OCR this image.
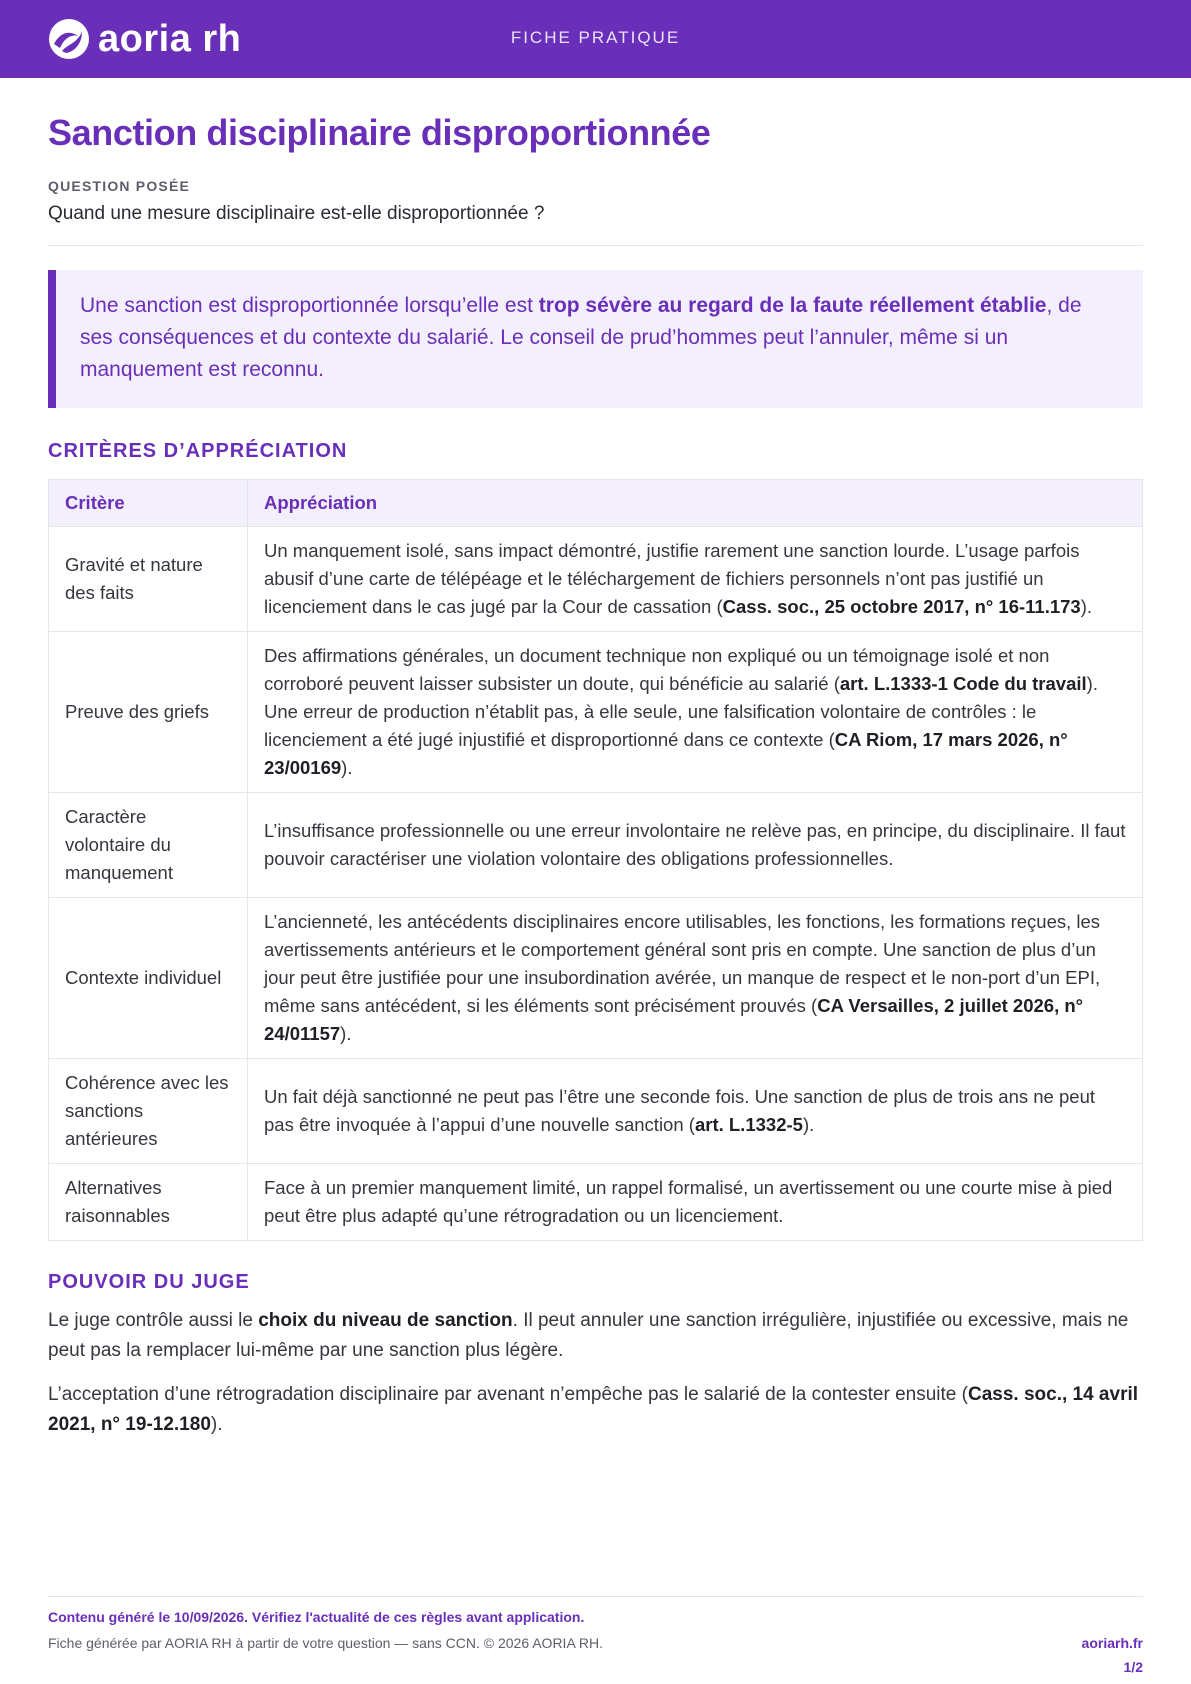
aoria rh	FICHE PRATIQUE
Sanction disciplinaire disproportionnée
QUESTION POSÉE
Quand une mesure disciplinaire est-elle disproportionnée ?
Une sanction est disproportionnée lorsqu’elle est trop sévère au regard de la faute réellement établie, de ses conséquences et du contexte du salarié. Le conseil de prud’hommes peut l’annuler, même si un manquement est reconnu.
CRITÈRES D’APPRÉCIATION
Critère	Appréciation
Gravité et nature des faits	Un manquement isolé, sans impact démontré, justifie rarement une sanction lourde. L’usage parfois abusif d’une carte de télépéage et le téléchargement de fichiers personnels n’ont pas justifié un licenciement dans le cas jugé par la Cour de cassation (Cass. soc., 25 octobre 2017, n° 16-11.173).
Preuve des griefs	Des affirmations générales, un document technique non expliqué ou un témoignage isolé et non corroboré peuvent laisser subsister un doute, qui bénéficie au salarié (art. L.1333-1 Code du travail). Une erreur de production n’établit pas, à elle seule, une falsification volontaire de contrôles : le licenciement a été jugé injustifié et disproportionné dans ce contexte (CA Riom, 17 mars 2026, n° 23/00169).
Caractère volontaire du manquement	L’insuffisance professionnelle ou une erreur involontaire ne relève pas, en principe, du disciplinaire. Il faut pouvoir caractériser une violation volontaire des obligations professionnelles.
Contexte individuel	L’ancienneté, les antécédents disciplinaires encore utilisables, les fonctions, les formations reçues, les avertissements antérieurs et le comportement général sont pris en compte. Une sanction de plus d’un jour peut être justifiée pour une insubordination avérée, un manque de respect et le non-port d’un EPI, même sans antécédent, si les éléments sont précisément prouvés (CA Versailles, 2 juillet 2026, n° 24/01157).
Cohérence avec les sanctions antérieures	Un fait déjà sanctionné ne peut pas l’être une seconde fois. Une sanction de plus de trois ans ne peut pas être invoquée à l’appui d’une nouvelle sanction (art. L.1332-5).
Alternatives raisonnables	Face à un premier manquement limité, un rappel formalisé, un avertissement ou une courte mise à pied peut être plus adapté qu’une rétrogradation ou un licenciement.
POUVOIR DU JUGE

Le juge contrôle aussi le choix du niveau de sanction. Il peut annuler une sanction irrégulière, injustifiée ou excessive, mais ne peut pas la remplacer lui-même par une sanction plus légère.

L’acceptation d’une rétrogradation disciplinaire par avenant n’empêche pas le salarié de la contester ensuite (Cass. soc., 14 avril 2021, n° 19-12.180).

Contenu généré le 10/09/2026. Vérifiez l'actualité de ces règles avant application.
Fiche générée par AORIA RH à partir de votre question — sans CCN. © 2026 AORIA RH.	aoriarh.fr
1/2
